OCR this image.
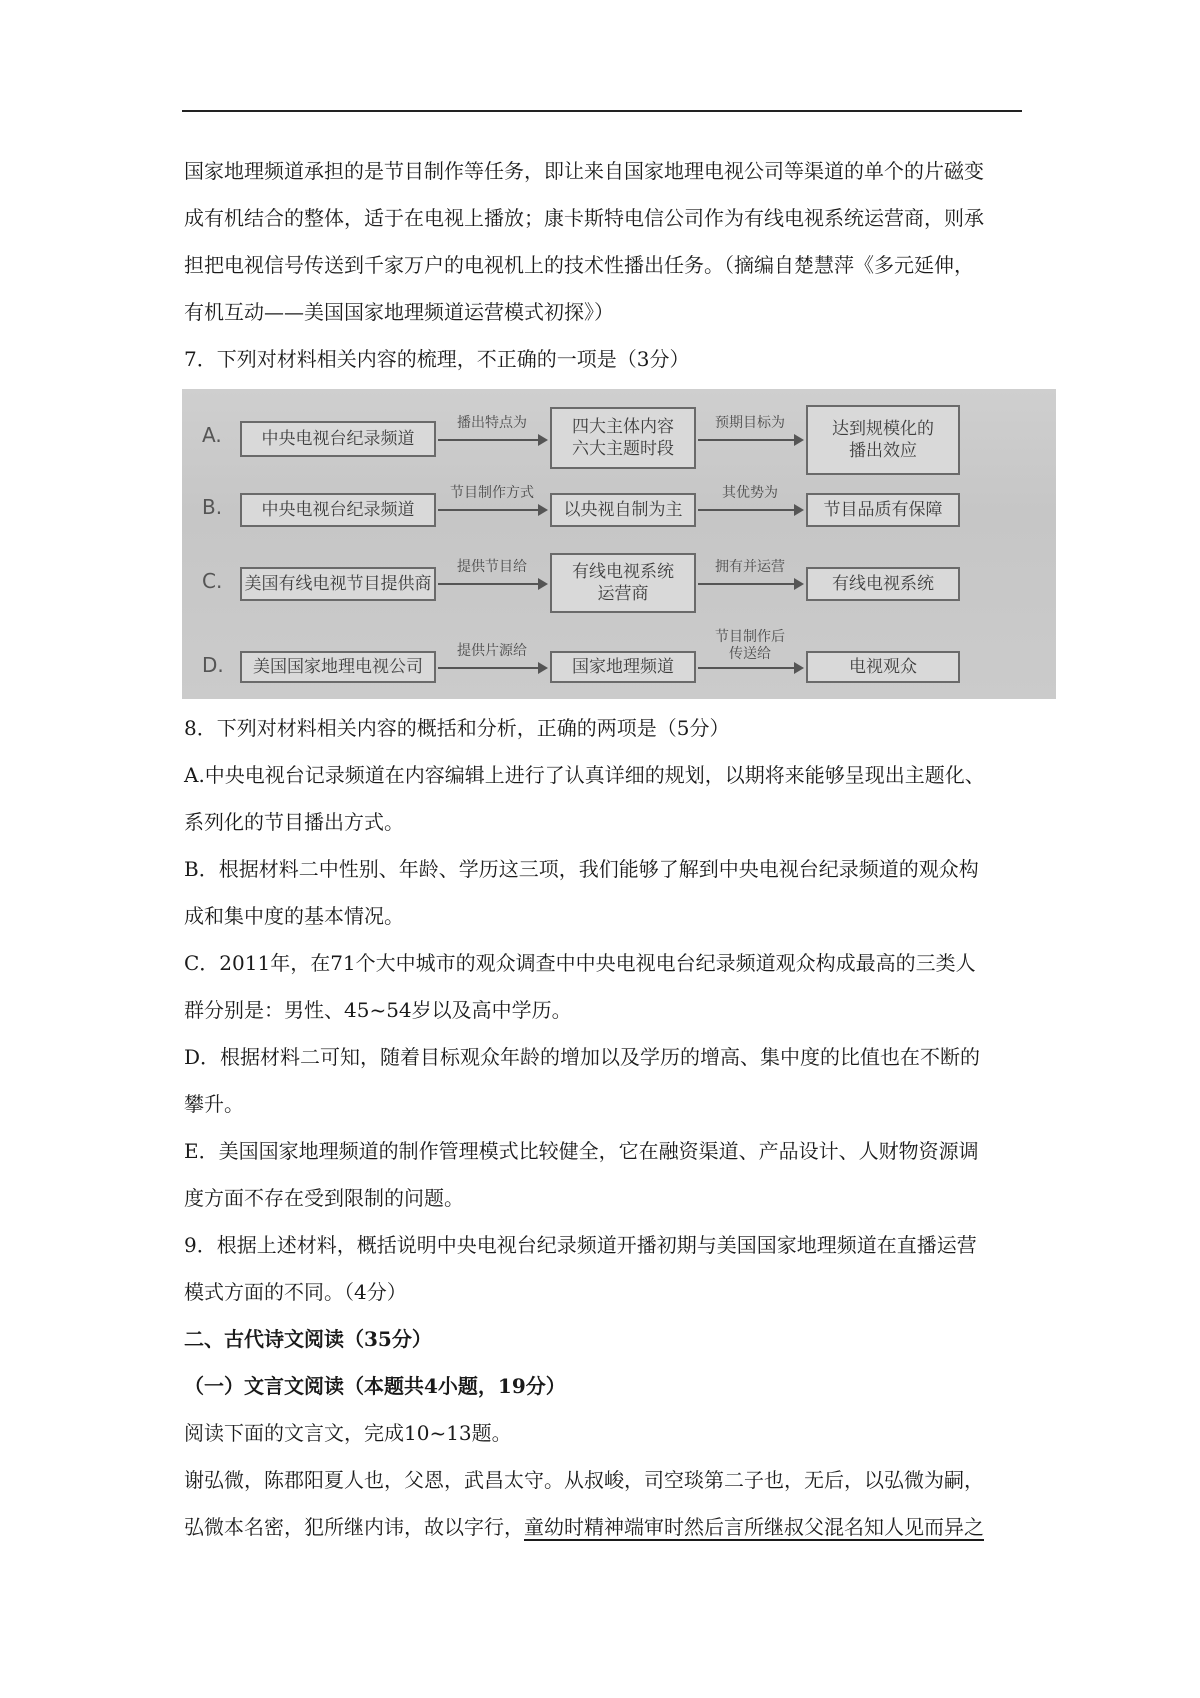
国家地理频道承担的是节目制作等任务，即让来自国家地理电视公司等渠道的单个的片磁变

成有机结合的整体，适于在电视上播放；康卡斯特电信公司作为有线电视系统运营商，则承

担把电视信号传送到千家万户的电视机上的技术性播出任务。（摘编自楚慧萍《多元延伸，

有机互动——美国国家地理频道运营模式初探》）

7．下列对材料相关内容的梳理，不正确的一项是（3分）

A.	中央电视台纪录频道
播出特点为	四大主体内容
六大主题时段
预期目标为	达到规模化的
播出效应
B.	中央电视台纪录频道
节目制作方式
以央视自制为主
其优势为
节目品质有保障
C. 美国有线电视节目提供商
提供节目给	有线电视系统
运营商
拥有并运营
有线电视系统
D.	美国国家地理电视公司
提供片源给
国家地理频道
节目制作后
传送给
电视观众

8．下列对材料相关内容的概括和分析，正确的两项是（5分）

A.中央电视台记录频道在内容编辑上进行了认真详细的规划，以期将来能够呈现出主题化、

系列化的节目播出方式。

B．根据材料二中性别、年龄、学历这三项，我们能够了解到中央电视台纪录频道的观众构

成和集中度的基本情况。

C．2011年，在71个大中城市的观众调查中中央电视电台纪录频道观众构成最高的三类人

群分别是：男性、45~54岁以及高中学历。

D．根据材料二可知，随着目标观众年龄的增加以及学历的增高、集中度的比值也在不断的

攀升。

E．美国国家地理频道的制作管理模式比较健全，它在融资渠道、产品设计、人财物资源调

度方面不存在受到限制的问题。

9．根据上述材料，概括说明中央电视台纪录频道开播初期与美国国家地理频道在直播运营

模式方面的不同。（4分）

二、古代诗文阅读（35分）

（一）文言文阅读（本题共4小题，19分）

阅读下面的文言文，完成10~13题。

谢弘微，陈郡阳夏人也，父恩，武昌太守。从叔峻，司空琰第二子也，无后，以弘微为嗣，

弘微本名密，犯所继内讳，故以字行，童幼时精神端审时然后言所继叔父混名知人见而异之
